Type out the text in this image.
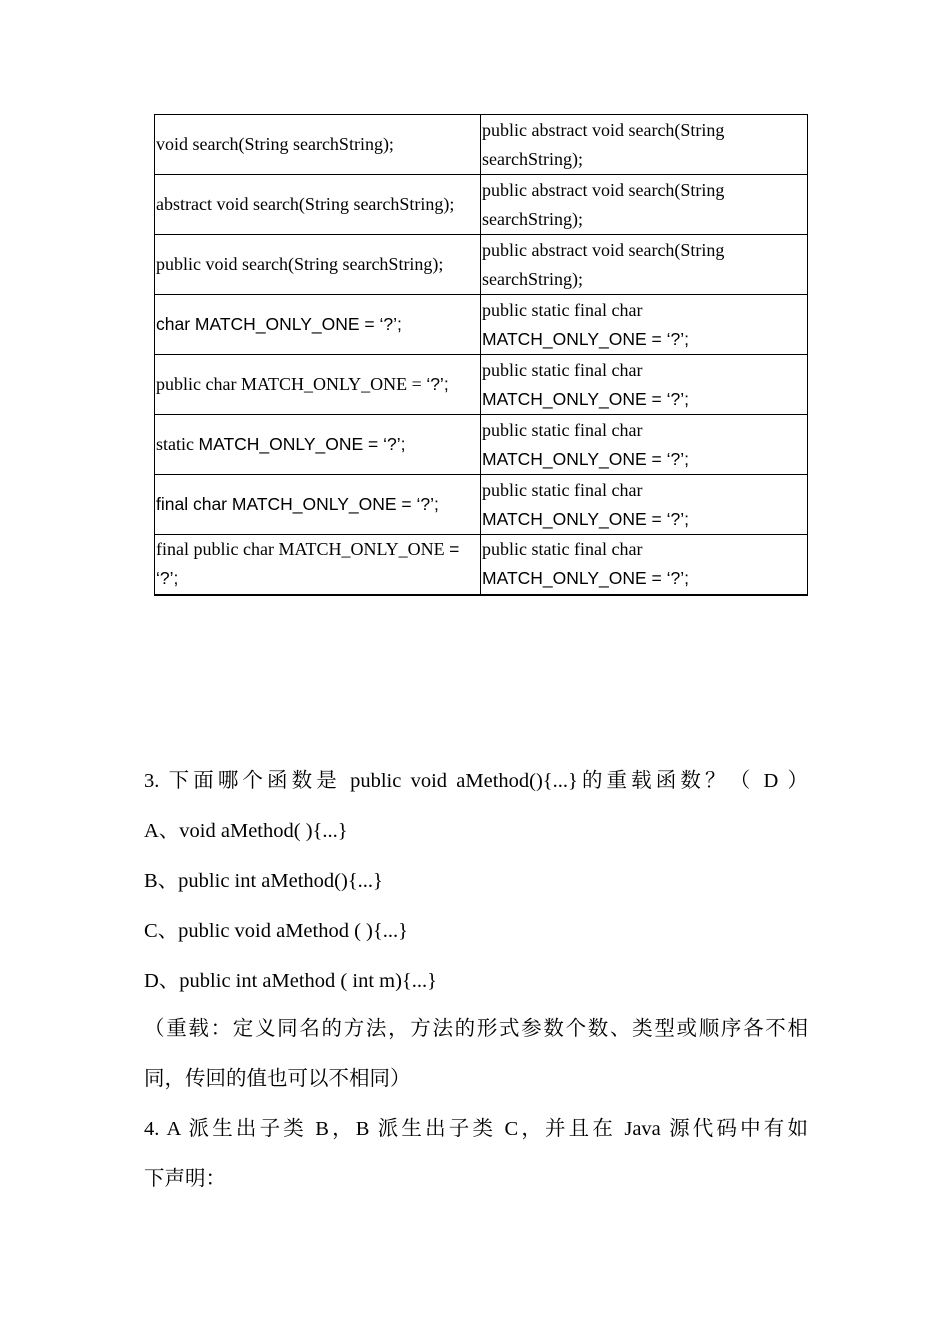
void search(String searchString);	public abstract void search(String searchString);
abstract void search(String searchString);	public abstract void search(String searchString);
public void search(String searchString);	public abstract void search(String searchString);
char MATCH_ONLY_ONE = ‘?’;	public static final char MATCH_ONLY_ONE = ‘?’;
public char MATCH_ONLY_ONE = ‘?’;	public static final char MATCH_ONLY_ONE = ‘?’;
static MATCH_ONLY_ONE = ‘?’;	public static final char MATCH_ONLY_ONE = ‘?’;
final char MATCH_ONLY_ONE = ‘?’;	public static final char MATCH_ONLY_ONE = ‘?’;
final public char MATCH_ONLY_ONE = ‘?’;	public static final char MATCH_ONLY_ONE = ‘?’;

3. 下面哪个函数是 public void aMethod(){...}的重载函数？（ D ）

A、void aMethod( ){...}

B、public int aMethod(){...}

C、public void aMethod ( ){...}

D、public int aMethod ( int m){...}

（重载：定义同名的方法，方法的形式参数个数、类型或顺序各不相

同，传回的值也可以不相同）

4. A 派生出子类 B，B 派生出子类 C，并且在 Java 源代码中有如

下声明：
